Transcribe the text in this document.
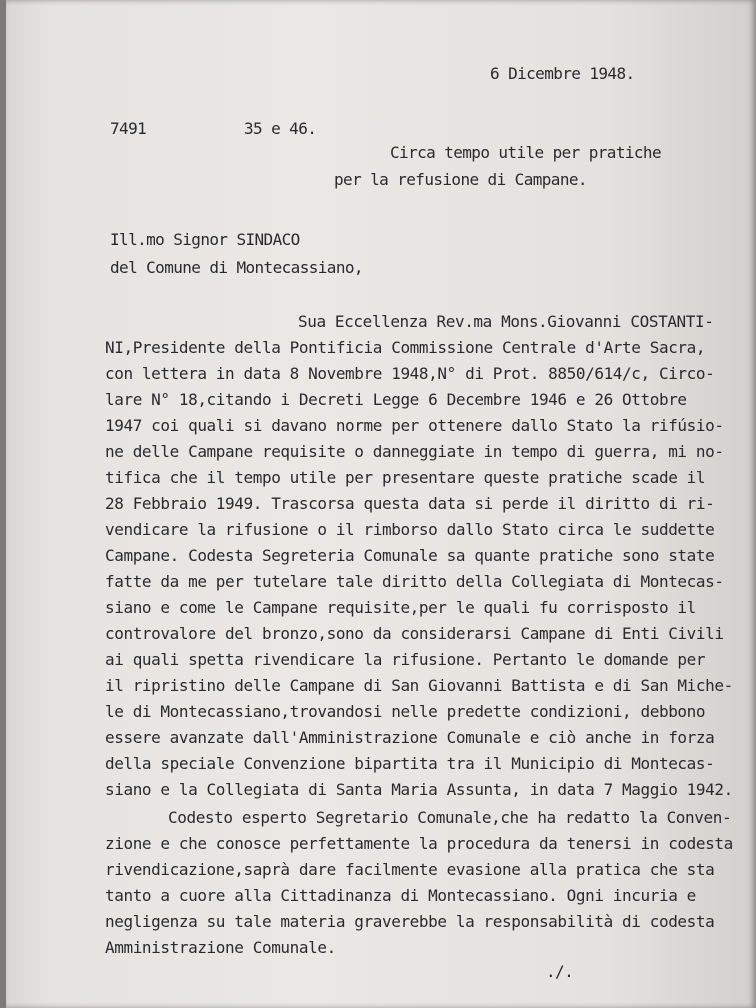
6 Dicembre 1948.
7491	35 e 46.
Circa tempo utile per pratiche
per la refusione di Campane.
Ill.mo Signor SINDACO
del Comune di Montecassiano,
Sua Eccellenza Rev.ma Mons.Giovanni COSTANTI-
NI,Presidente della Pontificia Commissione Centrale d'Arte Sacra,
con lettera in data 8 Novembre 1948,N° di Prot. 8850/614/c, Circo-
lare N° 18,citando i Decreti Legge 6 Decembre 1946 e 26 Ottobre
1947 coi quali si davano norme per ottenere dallo Stato la rifúsio-
ne delle Campane requisite o danneggiate in tempo di guerra, mi no-
tifica che il tempo utile per presentare queste pratiche scade il
28 Febbraio 1949. Trascorsa questa data si perde il diritto di ri-
vendicare la rifusione o il rimborso dallo Stato circa le suddette
Campane. Codesta Segreteria Comunale sa quante pratiche sono state
fatte da me per tutelare tale diritto della Collegiata di Montecas-
siano e come le Campane requisite,per le quali fu corrisposto il
controvalore del bronzo,sono da considerarsi Campane di Enti Civili
ai quali spetta rivendicare la rifusione. Pertanto le domande per
il ripristino delle Campane di San Giovanni Battista e di San Miche-
le di Montecassiano,trovandosi nelle predette condizioni, debbono
essere avanzate dall'Amministrazione Comunale e ciò anche in forza
della speciale Convenzione bipartita tra il Municipio di Montecas-
siano e la Collegiata di Santa Maria Assunta, in data 7 Maggio 1942.
Codesto esperto Segretario Comunale,che ha redatto la Conven-
zione e che conosce perfettamente la procedura da tenersi in codesta
rivendicazione,saprà dare facilmente evasione alla pratica che sta
tanto a cuore alla Cittadinanza di Montecassiano. Ogni incuria e
negligenza su tale materia graverebbe la responsabilità di codesta
Amministrazione Comunale.
./.
